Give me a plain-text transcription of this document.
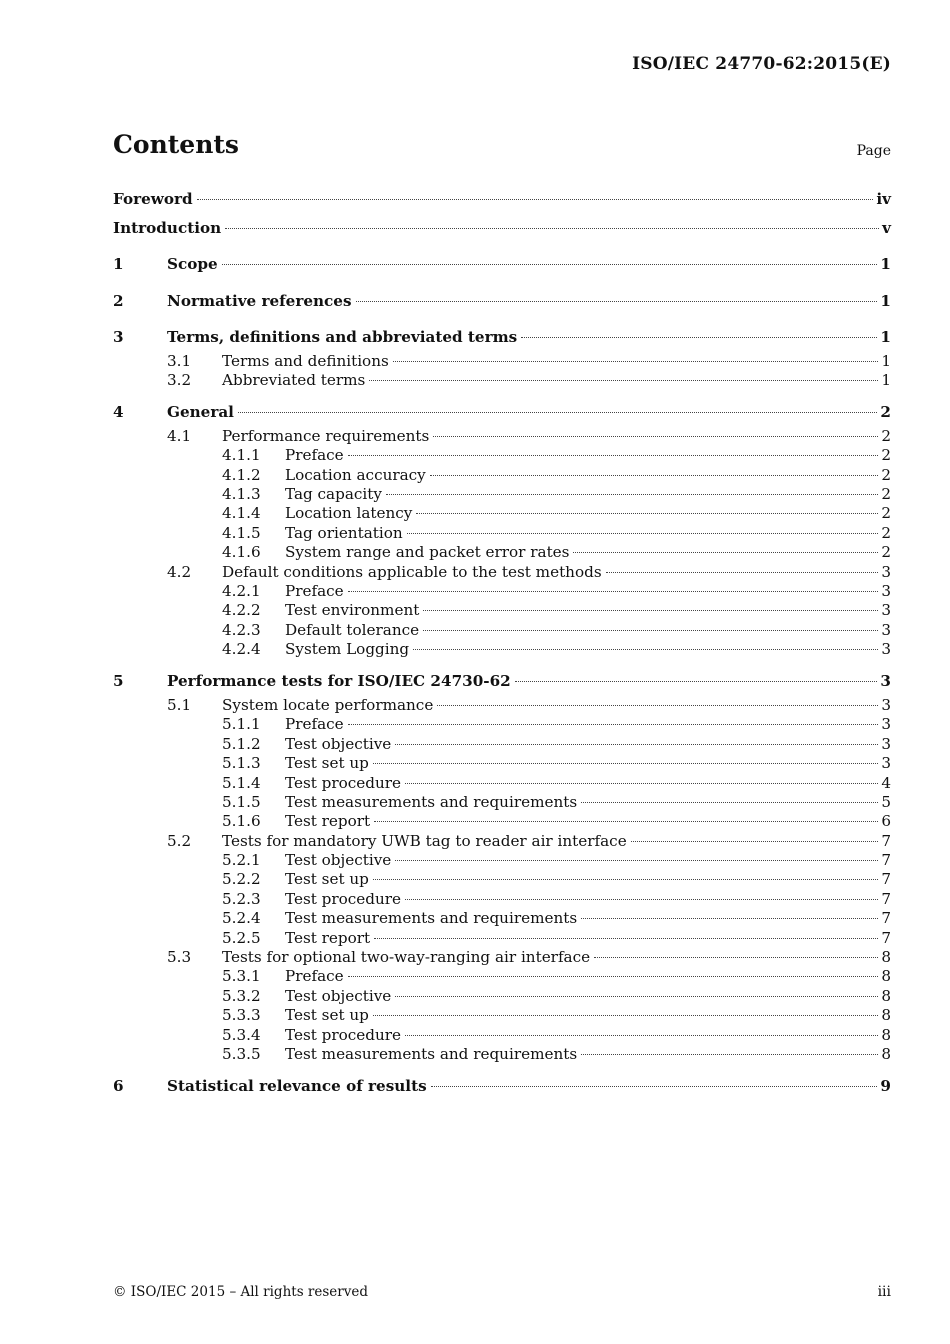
ISO/IEC 24770-62:2015(E)
Contents	Page
Foreword	iv
Introduction	v
1	Scope	1
2	Normative references	1
3	Terms, definitions and abbreviated terms	1
3.1 Terms and definitions	1
3.2 Abbreviated terms	1
4	General	2
4.1 Performance requirements	2
4.1.1 Preface	2
4.1.2 Location accuracy	2
4.1.3 Tag capacity	2
4.1.4 Location latency	2
4.1.5 Tag orientation	2
4.1.6 System range and packet error rates	2
4.2 Default conditions applicable to the test methods	3
4.2.1 Preface	3
4.2.2 Test environment	3
4.2.3 Default tolerance	3
4.2.4 System Logging	3
5	Performance tests for ISO/IEC 24730-62	3
5.1 System locate performance	3
5.1.1 Preface	3
5.1.2 Test objective	3
5.1.3 Test set up	3
5.1.4 Test procedure	4
5.1.5 Test measurements and requirements	5
5.1.6 Test report	6
5.2 Tests for mandatory UWB tag to reader air interface	7
5.2.1 Test objective	7
5.2.2 Test set up	7
5.2.3 Test procedure	7
5.2.4 Test measurements and requirements	7
5.2.5 Test report	7
5.3 Tests for optional two-way-ranging air interface	8
5.3.1 Preface	8
5.3.2 Test objective	8
5.3.3 Test set up	8
5.3.4 Test procedure	8
5.3.5 Test measurements and requirements	8
6	Statistical relevance of results	9
© ISO/IEC 2015 – All rights reserved	iii
